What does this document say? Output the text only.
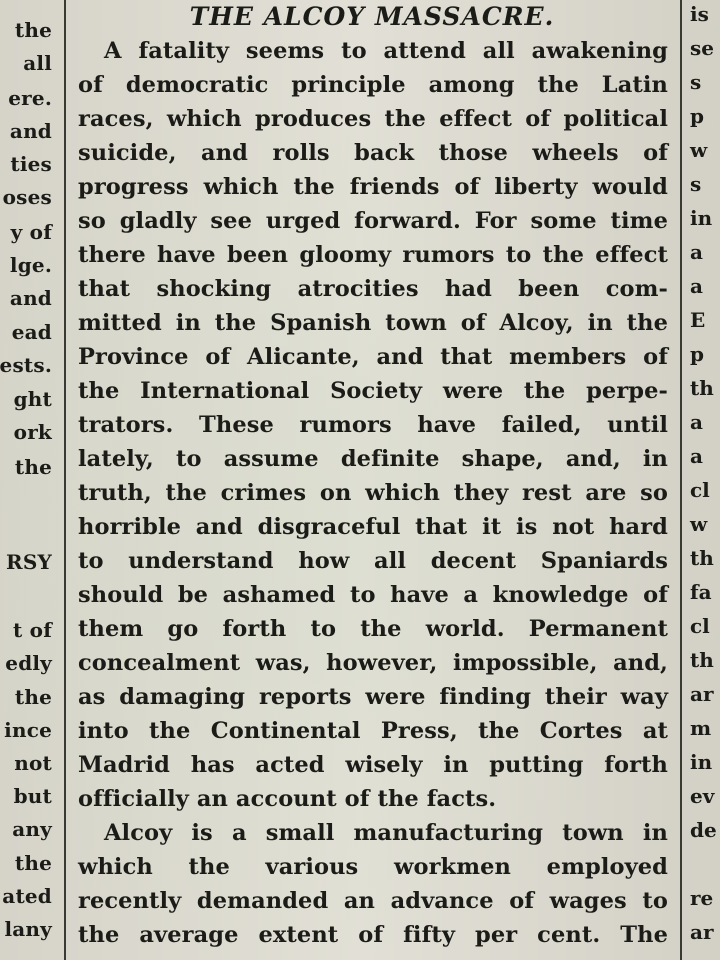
the
all
ere.
and
ties
oses
y of
lge.
and
ead
ests.
ght
ork
the
RSY
t of
edly
the
ince
not
but
any
the
ated
lany
THE ALCOY MASSACRE.
A fatality seems to attend all awakening
of democratic principle among the Latin
races, which produces the effect of political
suicide, and rolls back those wheels of
progress which the friends of liberty would
so gladly see urged forward. For some time
there have been gloomy rumors to the effect
that shocking atrocities had been com-
mitted in the Spanish town of Alcoy, in the
Province of Alicante, and that members of
the International Society were the perpe-
trators. These rumors have failed, until
lately, to assume definite shape, and, in
truth, the crimes on which they rest are so
horrible and disgraceful that it is not hard
to understand how all decent Spaniards
should be ashamed to have a knowledge of
them go forth to the world. Permanent
concealment was, however, impossible, and,
as damaging reports were finding their way
into the Continental Press, the Cortes at
Madrid has acted wisely in putting forth
officially an account of the facts.
Alcoy is a small manufacturing town in
which the various workmen employed
recently demanded an advance of wages to
the average extent of fifty per cent. The
is
se
s
p
w
s
in
a
a
E
p
th
a
a
cl
w
th
fa
cl
th
ar
m
in
ev
de
re
ar
